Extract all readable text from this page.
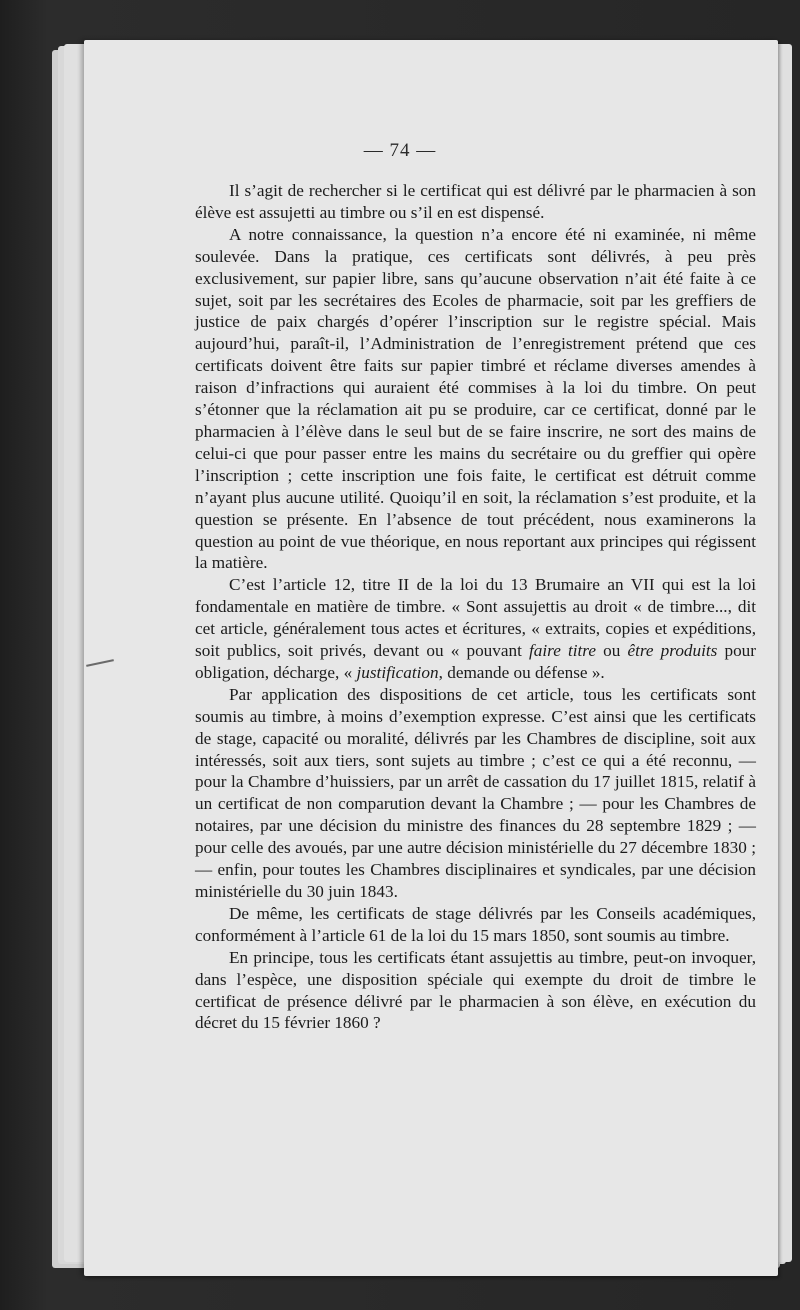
— 74 —

Il s’agit de rechercher si le certificat qui est délivré par le pharmacien à son élève est assujetti au timbre ou s’il en est dispensé.

A notre connaissance, la question n’a encore été ni examinée, ni même soulevée. Dans la pratique, ces certificats sont délivrés, à peu près exclusivement, sur papier libre, sans qu’aucune observation n’ait été faite à ce sujet, soit par les secrétaires des Ecoles de pharmacie, soit par les greffiers de justice de paix chargés d’opérer l’inscription sur le registre spécial. Mais aujourd’hui, paraît-il, l’Administration de l’enregistrement prétend que ces certificats doivent être faits sur papier timbré et réclame diverses amendes à raison d’infractions qui auraient été commises à la loi du timbre. On peut s’étonner que la réclamation ait pu se produire, car ce certificat, donné par le pharmacien à l’élève dans le seul but de se faire inscrire, ne sort des mains de celui-ci que pour passer entre les mains du secrétaire ou du greffier qui opère l’inscription ; cette inscription une fois faite, le certificat est détruit comme n’ayant plus aucune utilité. Quoiqu’il en soit, la réclamation s’est produite, et la question se présente. En l’absence de tout précédent, nous examinerons la question au point de vue théorique, en nous reportant aux principes qui régissent la matière.

C’est l’article 12, titre II de la loi du 13 Brumaire an VII qui est la loi fondamentale en matière de timbre. « Sont assujettis au droit « de timbre..., dit cet article, généralement tous actes et écritures, « extraits, copies et expéditions, soit publics, soit privés, devant ou « pouvant faire titre ou être produits pour obligation, décharge, « justification, demande ou défense ».

Par application des dispositions de cet article, tous les certificats sont soumis au timbre, à moins d’exemption expresse. C’est ainsi que les certificats de stage, capacité ou moralité, délivrés par les Chambres de discipline, soit aux intéressés, soit aux tiers, sont sujets au timbre ; c’est ce qui a été reconnu, — pour la Chambre d’huissiers, par un arrêt de cassation du 17 juillet 1815, relatif à un certificat de non comparution devant la Chambre ; — pour les Chambres de notaires, par une décision du ministre des finances du 28 septembre 1829 ; — pour celle des avoués, par une autre décision ministérielle du 27 décembre 1830 ; — enfin, pour toutes les Chambres disciplinaires et syndicales, par une décision ministérielle du 30 juin 1843.

De même, les certificats de stage délivrés par les Conseils académiques, conformément à l’article 61 de la loi du 15 mars 1850, sont soumis au timbre.

En principe, tous les certificats étant assujettis au timbre, peut-on invoquer, dans l’espèce, une disposition spéciale qui exempte du droit de timbre le certificat de présence délivré par le pharmacien à son élève, en exécution du décret du 15 février 1860 ?
